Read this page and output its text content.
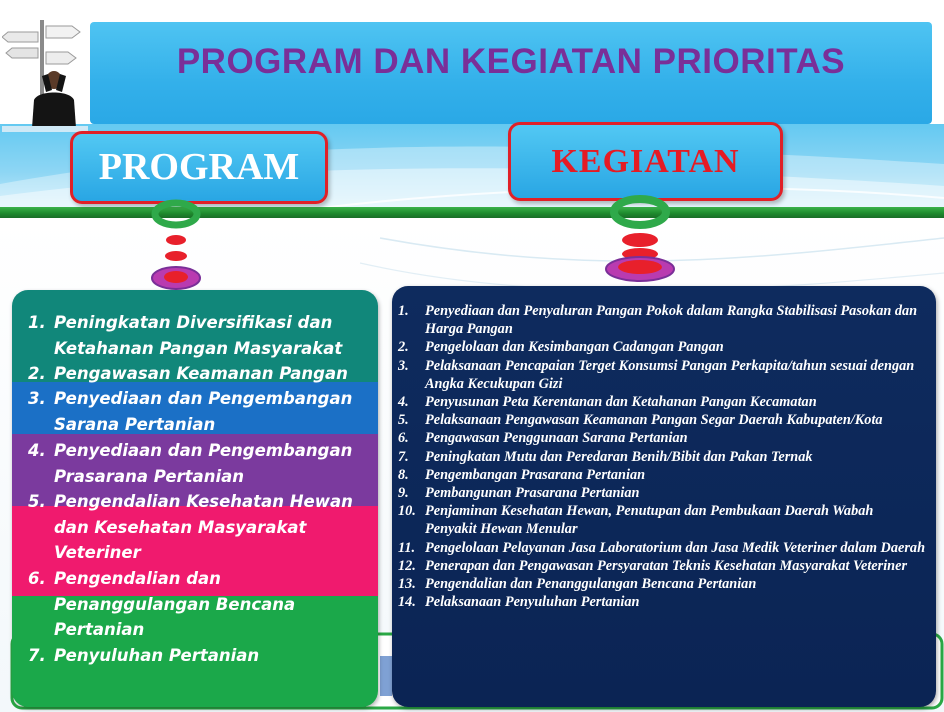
PROGRAM DAN KEGIATAN PRIORITAS
PROGRAM	KEGIATAN
1. Peningkatan Diversifikasi dan Ketahanan Pangan Masyarakat
2. Pengawasan Keamanan Pangan
3. Penyediaan dan Pengembangan Sarana Pertanian
4. Penyediaan dan Pengembangan Prasarana Pertanian
5. Pengendalian Kesehatan Hewan dan Kesehatan Masyarakat Veteriner
6. Pengendalian dan Penanggulangan Bencana Pertanian
7. Penyuluhan Pertanian
1. Penyediaan dan Penyaluran Pangan Pokok dalam Rangka Stabilisasi Pasokan dan Harga Pangan
2. Pengelolaan dan Kesimbangan Cadangan Pangan
3. Pelaksanaan Pencapaian Terget Konsumsi Pangan Perkapita/tahun sesuai dengan Angka Kecukupan Gizi
4. Penyusunan Peta Kerentanan dan Ketahanan Pangan Kecamatan
5. Pelaksanaan Pengawasan Keamanan Pangan Segar Daerah Kabupaten/Kota
6. Pengawasan Penggunaan Sarana Pertanian
7. Peningkatan Mutu dan Peredaran Benih/Bibit dan Pakan Ternak
8. Pengembangan Prasarana Pertanian
9. Pembangunan Prasarana Pertanian
10. Penjaminan Kesehatan Hewan, Penutupan dan Pembukaan Daerah Wabah Penyakit Hewan Menular
11. Pengelolaan Pelayanan Jasa Laboratorium dan Jasa Medik Veteriner dalam Daerah
12. Penerapan dan Pengawasan Persyaratan Teknis Kesehatan Masyarakat Veteriner
13. Pengendalian dan Penanggulangan Bencana Pertanian
14. Pelaksanaan Penyuluhan Pertanian
